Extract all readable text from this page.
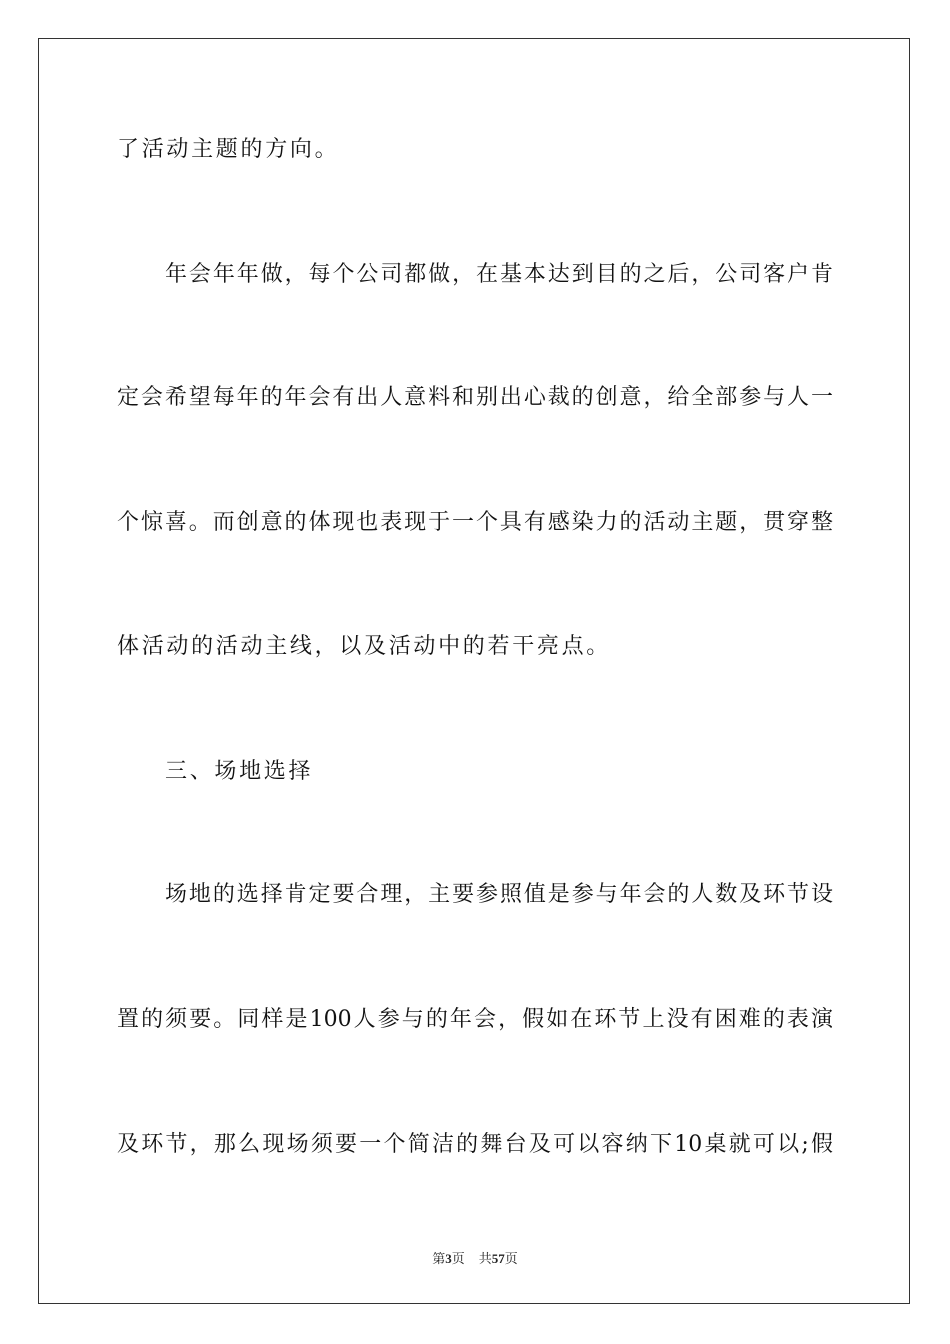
了活动主题的方向。
年会年年做，每个公司都做，在基本达到目的之后，公司客户肯
定会希望每年的年会有出人意料和别出心裁的创意，给全部参与人一
个惊喜。而创意的体现也表现于一个具有感染力的活动主题，贯穿整
体活动的活动主线，以及活动中的若干亮点。
三、场地选择
场地的选择肯定要合理，主要参照值是参与年会的人数及环节设
置的须要。同样是100人参与的年会，假如在环节上没有困难的表演
及环节，那么现场须要一个简洁的舞台及可以容纳下10桌就可以;假
第3页 共57页
